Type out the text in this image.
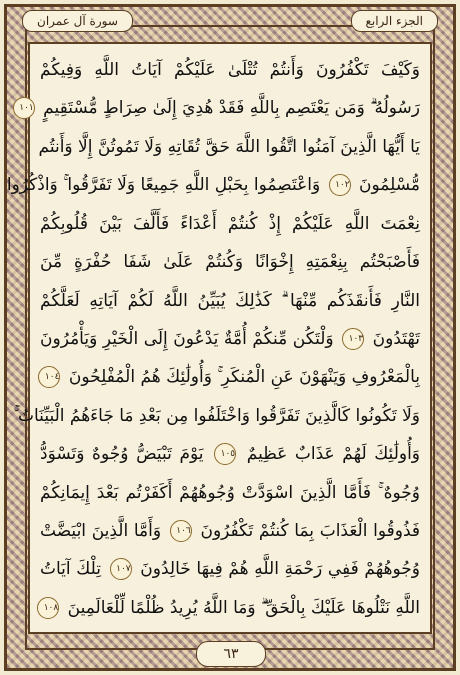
سورة آل عمران	الجزء الرابع
وَكَيْفَ تَكْفُرُونَ وَأَنتُمْ تُتْلَىٰ عَلَيْكُمْ آيَاتُ اللَّهِ وَفِيكُمْ
رَسُولُهُ ۗ وَمَن يَعْتَصِم بِاللَّهِ فَقَدْ هُدِيَ إِلَىٰ صِرَاطٍ مُّسْتَقِيمٍ ١٠١
يَا أَيُّهَا الَّذِينَ آمَنُوا اتَّقُوا اللَّهَ حَقَّ تُقَاتِهِ وَلَا تَمُوتُنَّ إِلَّا وَأَنتُم
مُّسْلِمُونَ ١٠٢ وَاعْتَصِمُوا بِحَبْلِ اللَّهِ جَمِيعًا وَلَا تَفَرَّقُوا ۚ وَاذْكُرُوا
نِعْمَتَ اللَّهِ عَلَيْكُمْ إِذْ كُنتُمْ أَعْدَاءً فَأَلَّفَ بَيْنَ قُلُوبِكُمْ
فَأَصْبَحْتُم بِنِعْمَتِهِ إِخْوَانًا وَكُنتُمْ عَلَىٰ شَفَا حُفْرَةٍ مِّنَ
النَّارِ فَأَنقَذَكُم مِّنْهَا ۗ كَذَٰلِكَ يُبَيِّنُ اللَّهُ لَكُمْ آيَاتِهِ لَعَلَّكُمْ
تَهْتَدُونَ ١٠٣ وَلْتَكُن مِّنكُمْ أُمَّةٌ يَدْعُونَ إِلَى الْخَيْرِ وَيَأْمُرُونَ
بِالْمَعْرُوفِ وَيَنْهَوْنَ عَنِ الْمُنكَرِ ۚ وَأُولَٰئِكَ هُمُ الْمُفْلِحُونَ ١٠٤
وَلَا تَكُونُوا كَالَّذِينَ تَفَرَّقُوا وَاخْتَلَفُوا مِن بَعْدِ مَا جَاءَهُمُ الْبَيِّنَاتُ ۚ
وَأُولَٰئِكَ لَهُمْ عَذَابٌ عَظِيمٌ ١٠٥ يَوْمَ تَبْيَضُّ وُجُوهٌ وَتَسْوَدُّ
وُجُوهٌ ۚ فَأَمَّا الَّذِينَ اسْوَدَّتْ وُجُوهُهُمْ أَكَفَرْتُم بَعْدَ إِيمَانِكُمْ
فَذُوقُوا الْعَذَابَ بِمَا كُنتُمْ تَكْفُرُونَ ١٠٦ وَأَمَّا الَّذِينَ ابْيَضَّتْ
وُجُوهُهُمْ فَفِي رَحْمَةِ اللَّهِ هُمْ فِيهَا خَالِدُونَ ١٠٧ تِلْكَ آيَاتُ
اللَّهِ نَتْلُوهَا عَلَيْكَ بِالْحَقِّ ۗ وَمَا اللَّهُ يُرِيدُ ظُلْمًا لِّلْعَالَمِينَ ١٠٨
٦٣
